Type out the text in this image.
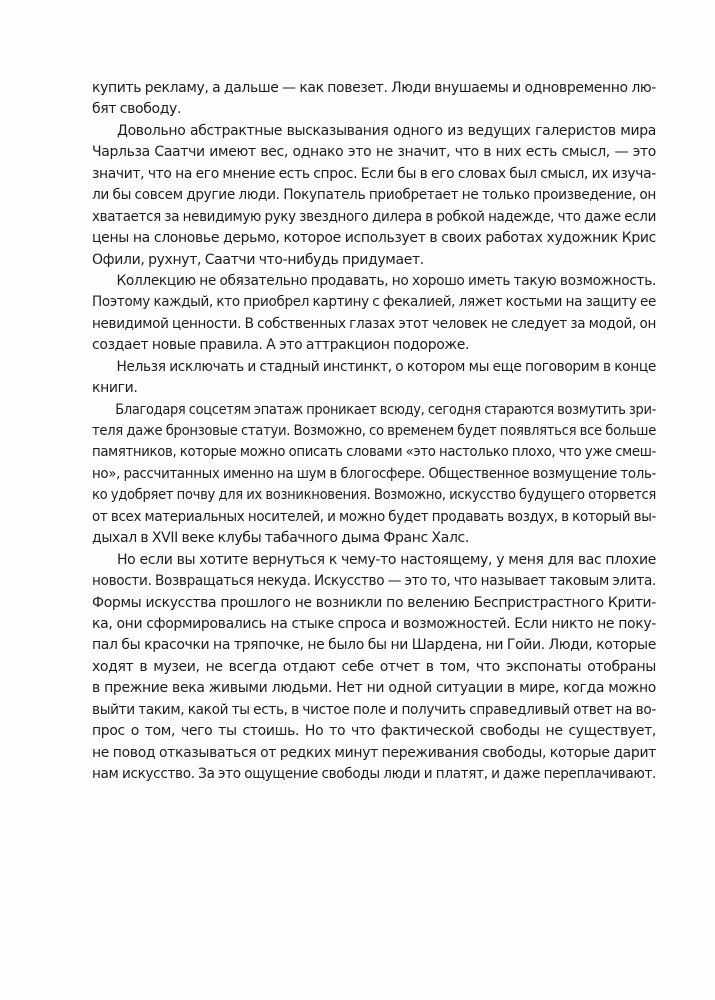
купить рекламу, а дальше — как повезет. Люди внушаемы и одновременно лю-
бят свободу.
Довольно абстрактные высказывания одного из ведущих галеристов мира
Чарльза Саатчи имеют вес, однако это не значит, что в них есть смысл, — это
значит, что на его мнение есть спрос. Если бы в его словах был смысл, их изуча-
ли бы совсем другие люди. Покупатель приобретает не только произведение, он
хватается за невидимую руку звездного дилера в робкой надежде, что даже если
цены на слоновье дерьмо, которое использует в своих работах художник Крис
Офили, рухнут, Саатчи что-нибудь придумает.
Коллекцию не обязательно продавать, но хорошо иметь такую возможность.
Поэтому каждый, кто приобрел картину с фекалией, ляжет костьми на защиту ее
невидимой ценности. В собственных глазах этот человек не следует за модой, он
создает новые правила. А это аттракцион подороже.
Нельзя исключать и стадный инстинкт, о котором мы еще поговорим в конце
книги.
Благодаря соцсетям эпатаж проникает всюду, сегодня стараются возмутить зри-
теля даже бронзовые статуи. Возможно, со временем будет появляться все больше
памятников, которые можно описать словами «это настолько плохо, что уже смеш-
но», рассчитанных именно на шум в блогосфере. Общественное возмущение толь-
ко удобряет почву для их возникновения. Возможно, искусство будущего оторвется
от всех материальных носителей, и можно будет продавать воздух, в который вы-
дыхал в XVII веке клубы табачного дыма Франс Халс.
Но если вы хотите вернуться к чему-то настоящему, у меня для вас плохие
новости. Возвращаться некуда. Искусство — это то, что называет таковым элита.
Формы искусства прошлого не возникли по велению Беспристрастного Крити-
ка, они сформировались на стыке спроса и возможностей. Если никто не поку-
пал бы красочки на тряпочке, не было бы ни Шардена, ни Гойи. Люди, которые
ходят в музеи, не всегда отдают себе отчет в том, что экспонаты отобраны
в прежние века живыми людьми. Нет ни одной ситуации в мире, когда можно
выйти таким, какой ты есть, в чистое поле и получить справедливый ответ на во-
прос о том, чего ты стоишь. Но то что фактической свободы не существует,
не повод отказываться от редких минут переживания свободы, которые дарит
нам искусство. За это ощущение свободы люди и платят, и даже переплачивают.
